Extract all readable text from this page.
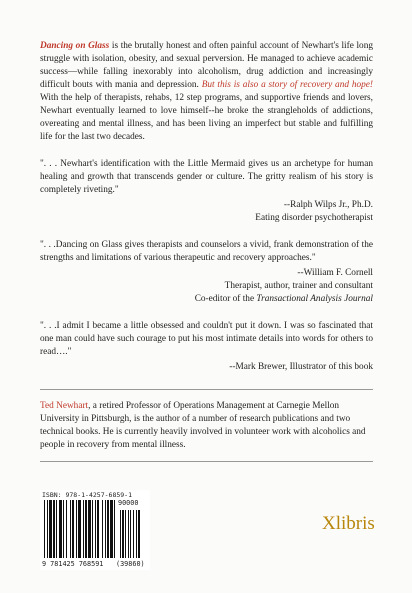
Dancing on Glass is the brutally honest and often painful account of Newhart's life long struggle with isolation, obesity, and sexual perversion. He managed to achieve academic success—while falling inexorably into alcoholism, drug addiction and increasingly difficult bouts with mania and depression. But this is also a story of recovery and hope! With the help of therapists, rehabs, 12 step programs, and supportive friends and lovers, Newhart eventually learned to love himself--he broke the strangleholds of addictions, overeating and mental illness, and has been living an imperfect but stable and fulfilling life for the last two decades.

". . . Newhart's identification with the Little Mermaid gives us an archetype for human healing and growth that transcends gender or culture. The gritty realism of his story is completely riveting."

--Ralph Wilps Jr., Ph.D.
Eating disorder psychotherapist

". . .Dancing on Glass gives therapists and counselors a vivid, frank demonstration of the strengths and limitations of various therapeutic and recovery approaches."

--William F. Cornell
Therapist, author, trainer and consultant
Co-editor of the Transactional Analysis Journal

". . .I admit I became a little obsessed and couldn't put it down. I was so fascinated that one man could have such courage to put his most intimate details into words for others to read…."

--Mark Brewer, Illustrator of this book

Ted Newhart, a retired Professor of Operations Management at Carnegie Mellon University in Pittsburgh, is the author of a number of research publications and two technical books. He is currently heavily involved in volunteer work with alcoholics and people in recovery from mental illness.

ISBN: 978-1-4257-6859-1
9 781425 768591 (39860)
90000
Xlibris
